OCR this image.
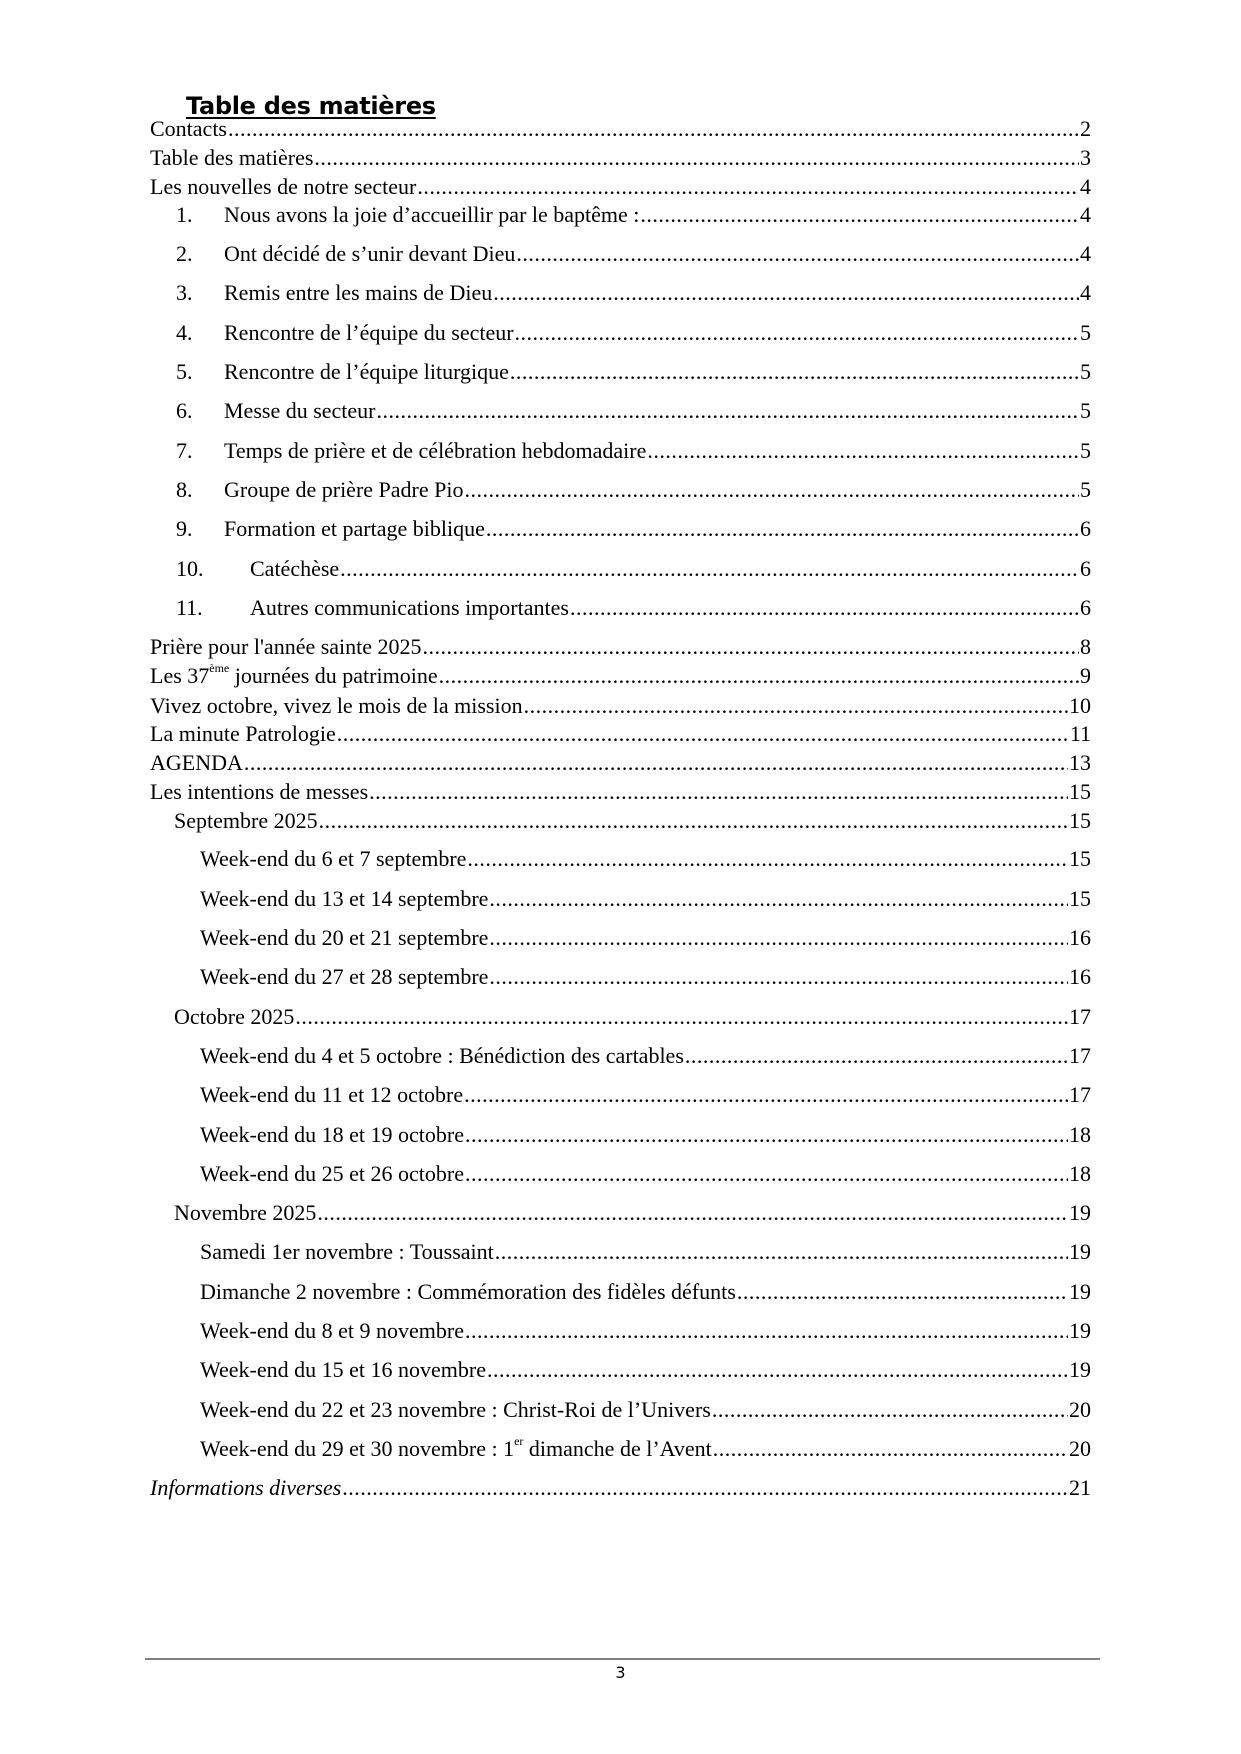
Table des matières
Contacts .....	2
Table des matières .....	3
Les nouvelles de notre secteur .....	4
1.	Nous avons la joie d’accueillir par le baptême : .....	4
2.	Ont décidé de s’unir devant Dieu .....	4
3.	Remis entre les mains de Dieu .....	4
4.	Rencontre de l’équipe du secteur .....	5
5.	Rencontre de l’équipe liturgique .....	5
6.	Messe du secteur .....	5
7.	Temps de prière et de célébration hebdomadaire .....	5
8.	Groupe de prière Padre Pio .....	5
9.	Formation et partage biblique .....	6
10.	Catéchèse .....	6
11.	Autres communications importantes .....	6
Prière pour l'année sainte 2025 .....	8
Les 37ème journées du patrimoine .....	9
Vivez octobre, vivez le mois de la mission .....	10
La minute Patrologie .....	11
AGENDA .....	13
Les intentions de messes .....	15
Septembre 2025 .....	15
Week-end du 6 et 7 septembre .....	15
Week-end du 13 et 14 septembre .....	15
Week-end du 20 et 21 septembre .....	16
Week-end du 27 et 28 septembre .....	16
Octobre 2025 .....	17
Week-end du 4 et 5 octobre : Bénédiction des cartables .....	17
Week-end du 11 et 12 octobre .....	17
Week-end du 18 et 19 octobre .....	18
Week-end du 25 et 26 octobre .....	18
Novembre 2025 .....	19
Samedi 1er novembre : Toussaint .....	19
Dimanche 2 novembre : Commémoration des fidèles défunts .....	19
Week-end du 8 et 9 novembre .....	19
Week-end du 15 et 16 novembre .....	19
Week-end du 22 et 23 novembre : Christ-Roi de l’Univers .....	20
Week-end du 29 et 30 novembre : 1er dimanche de l’Avent .....	20
Informations diverses .....	21
3
